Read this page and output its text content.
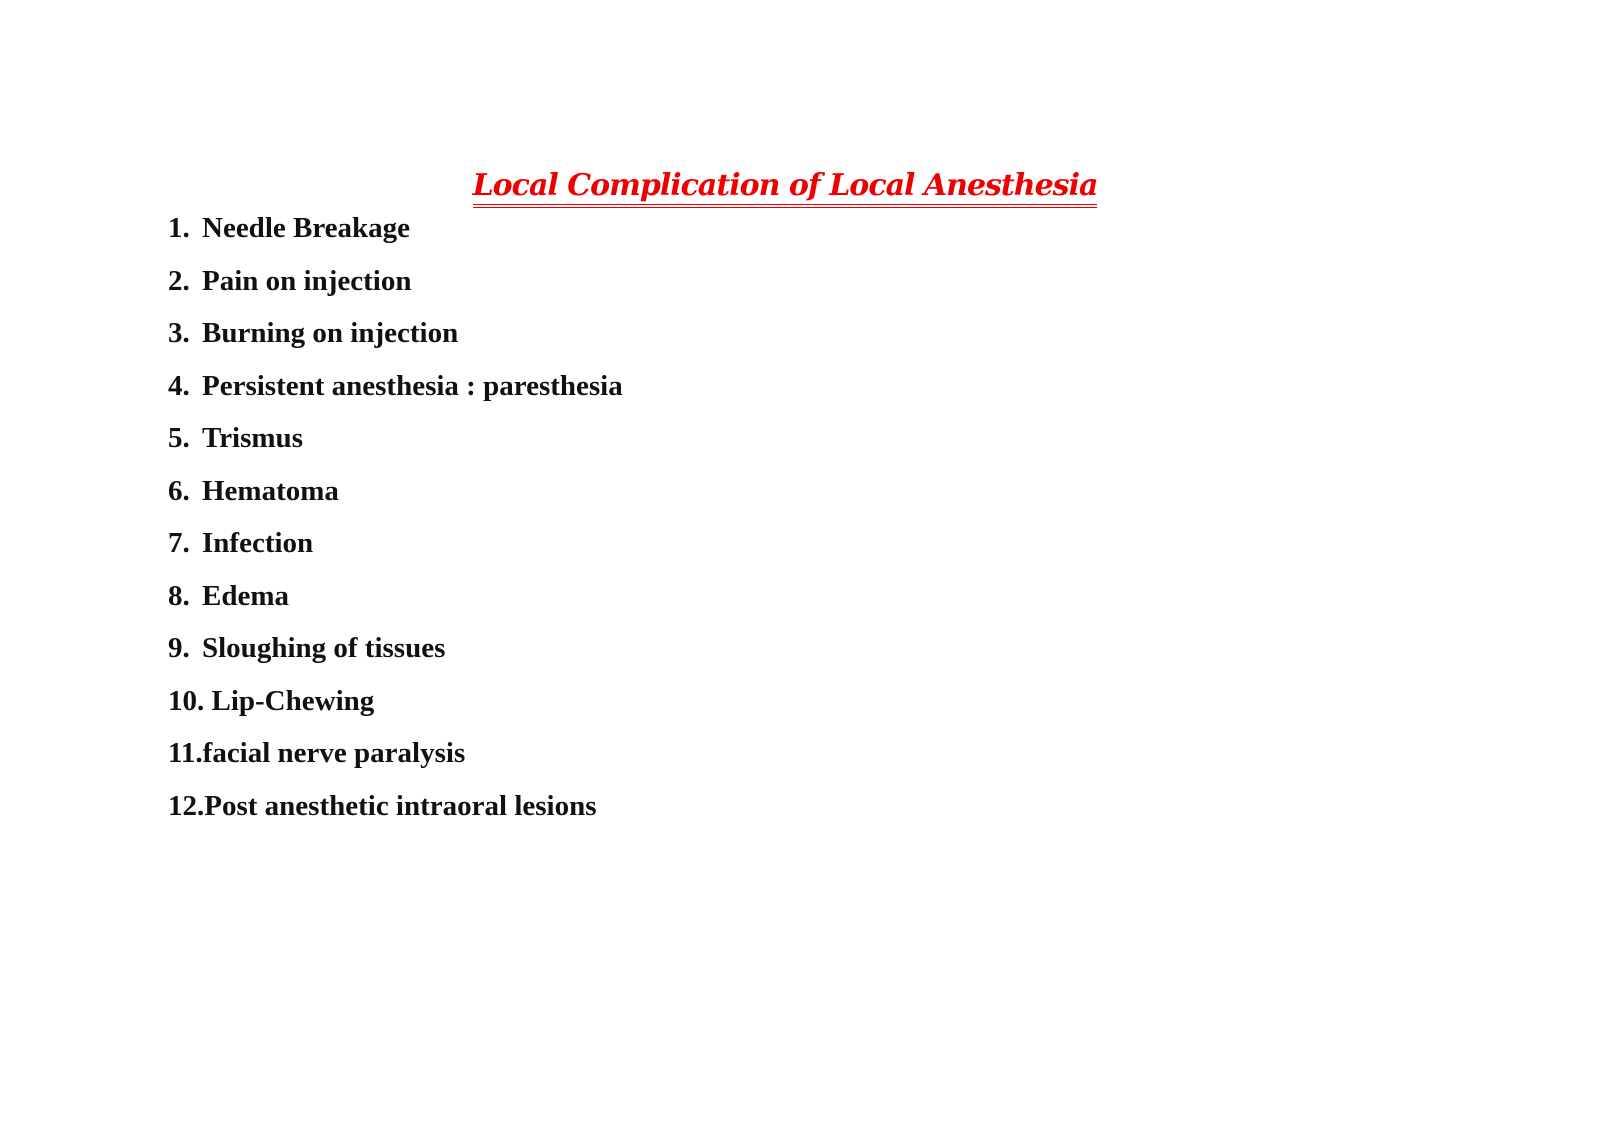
Local Complication of Local Anesthesia
1. Needle Breakage
2. Pain on injection
3. Burning on injection
4. Persistent anesthesia : paresthesia
5. Trismus
6. Hematoma
7. Infection
8. Edema
9. Sloughing of tissues
10. Lip-Chewing
11.facial nerve paralysis
12.Post anesthetic intraoral lesions
